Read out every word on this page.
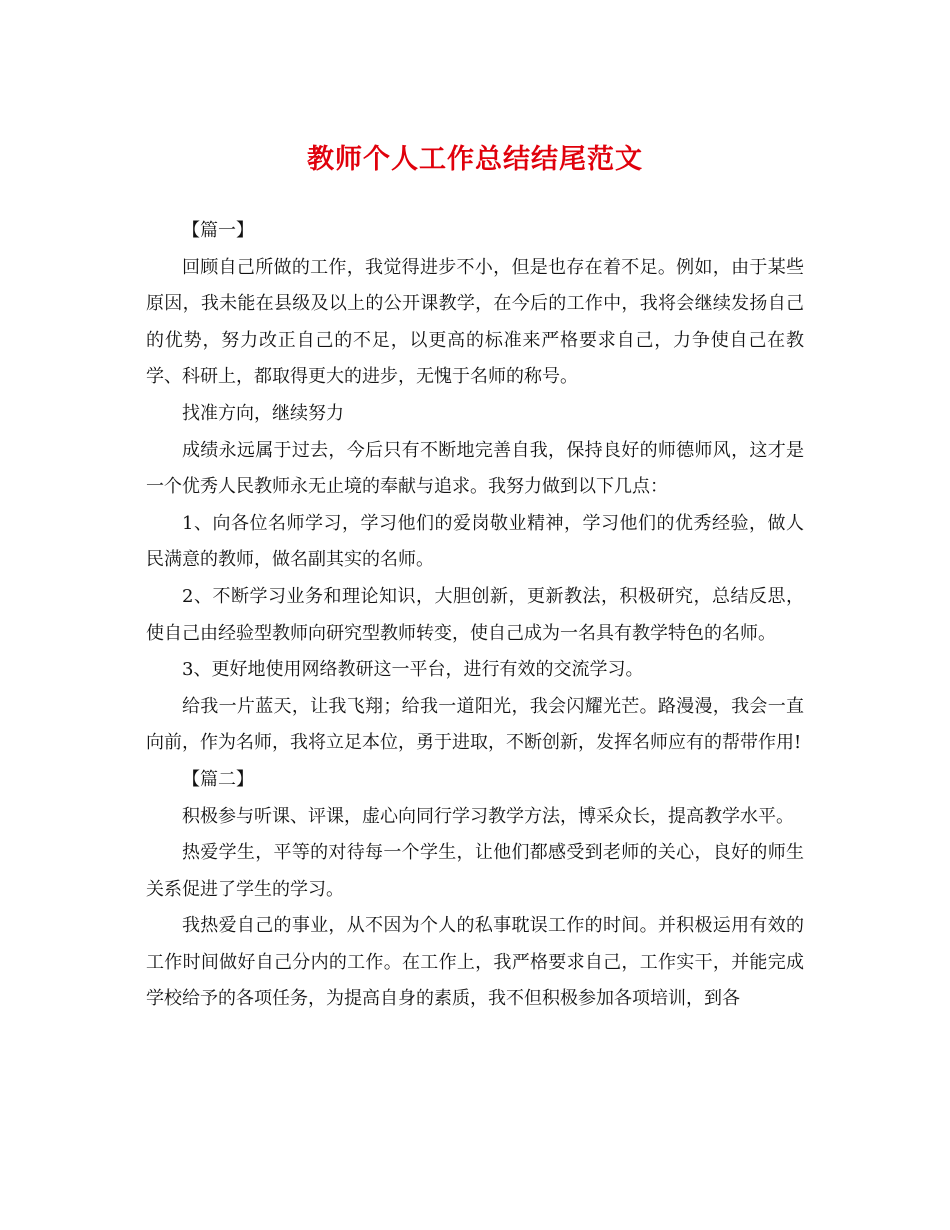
教师个人工作总结结尾范文

【篇一】

回顾自己所做的工作，我觉得进步不小，但是也存在着不足。例如，由于某些原因，我未能在县级及以上的公开课教学，在今后的工作中，我将会继续发扬自己的优势，努力改正自己的不足，以更高的标准来严格要求自己，力争使自己在教学、科研上，都取得更大的进步，无愧于名师的称号。

找准方向，继续努力

成绩永远属于过去，今后只有不断地完善自我，保持良好的师德师风，这才是一个优秀人民教师永无止境的奉献与追求。我努力做到以下几点：

1、向各位名师学习，学习他们的爱岗敬业精神，学习他们的优秀经验，做人民满意的教师，做名副其实的名师。

2、不断学习业务和理论知识，大胆创新，更新教法，积极研究，总结反思，使自己由经验型教师向研究型教师转变，使自己成为一名具有教学特色的名师。

3、更好地使用网络教研这一平台，进行有效的交流学习。

给我一片蓝天，让我飞翔；给我一道阳光，我会闪耀光芒。路漫漫，我会一直向前，作为名师，我将立足本位，勇于进取，不断创新，发挥名师应有的帮带作用!

【篇二】

积极参与听课、评课，虚心向同行学习教学方法，博采众长，提高教学水平。

热爱学生，平等的对待每一个学生，让他们都感受到老师的关心，良好的师生关系促进了学生的学习。

我热爱自己的事业，从不因为个人的私事耽误工作的时间。并积极运用有效的工作时间做好自己分内的工作。在工作上，我严格要求自己，工作实干，并能完成学校给予的各项任务，为提高自身的素质，我不但积极参加各项培训，到各
